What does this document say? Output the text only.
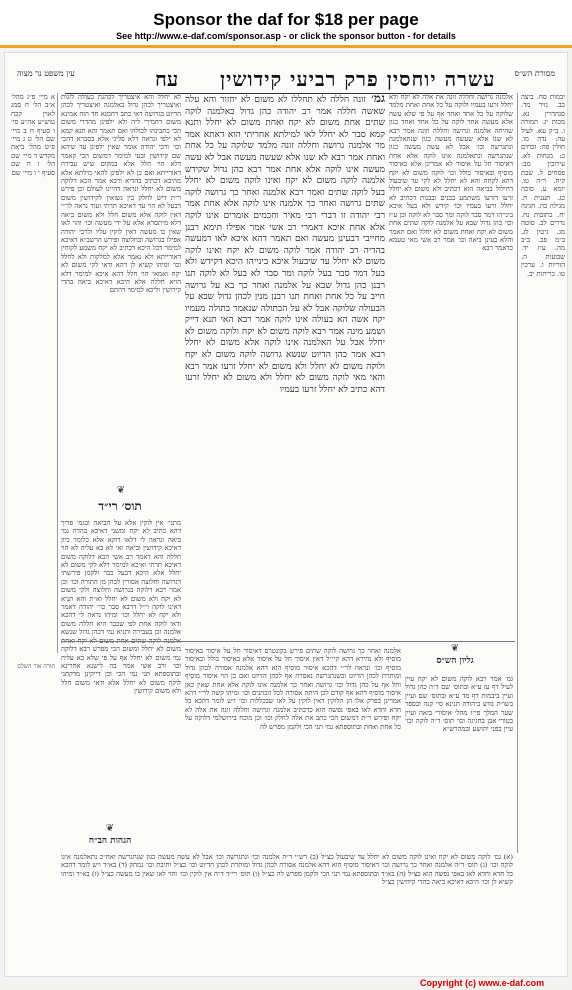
Sponsor the daf for $18 per page
See http://www.e-daf.com/sponsor.asp - or click the sponsor button - for details
עין משפט נר מצוה	עח עשרה יוחסין פרק רביעי קידושין מסורת הש״ס
א מיי׳ פ״ג מהל׳ א״ב הל׳ ח סמג לאוין קכח טוש״ע אה״ע סי׳ ו סעיף ח ב מיי׳ שם הל׳ ט ג מיי׳ פ״ט מהל׳ ביאת מקדש ד מיי׳ שם הל׳ ו ה שם סעיף י ו מיי׳ שם
לא יחלל והא איצטריך לכהנת בעולה לזנות ואיצטריך לכהן גדול באלמנה ואיצטריך לכהן הדיוט בגרושה דאי כתב רחמנא חד הוה אמינא משום דחמירי ליה ולא ילפינן מהדדי משום הכי כתבינהו לכולהו ואם תאמר והא תנא קמא לא ילפי ונראה דלא פליגי אלא בסברא דהכי וכו׳ ורבי יהודה אומר שאין ילפינן עד שיהא שם קידושין ובעי למימר דמשום הכי קאמר דלא הוי חלל אלא במקום שיש עבירה דאורייתא ואם כן לא ילפינן להאי מילתא אלא מהיכא דכתיב בהדיא ורבא אמר הכא דלוקה משום לא יחלל ונראה דהיינו לעולם וכן פירש ר״ת דיש לחלק בין נשואין לקידושין משום דבעל לא הוי עד דאיכא תרתי ועוד נראה לר״י דאין לוקה אלא משום חלל ולא משום ביאה דלא מיתסרא אלא על ידי מעשה וכו׳ והוי לאו שאין בו מעשה דאין לוקין עליו ולרבי יהודה אפילו בגרושה ובחלוצה ופירש הרשב״א דאיכא למימר דכל היכא דכתיב לא יקח משמע לקוחין דאורייתא ולא נאמר אלא למלקות ולא לחלל וכו׳ ומיהו קשיא לן דהא ודאי לקי משום לא יקח ואמאי הוי חלל דהא איכא למימר דלא הויא חללה אלא היכא דאיכא ביאה בהדי קידושין וליכא למימר דהתם
❦
תוס׳ רי״ד
מתני׳ אין לוקין אלא על הביאה ובגמ׳ פריך דהא כתיב לא יקח ומשני דאיכא בהדה נמי ביאה ונראה לי דלאו דוקא אלא כלומר כיון דאיכא קידושין וביאה ואי לא בא עליה לא הוי חללה והא דאמר רב אשי הכא דלוקה משום דאיכא תרתי ואיכא למימר דלא לקי משום לא יחלל אלא היכא דבעל כבר ולקמן פירשתי דגרושה וחלוצה אסורין לכהן מן התורה וכו׳ וכן אמר רבא דלוקה בגרושה וחלוצה ולקי משום לא יקח ולא משום לא יחלל וא״ת והא תניא דאינו לוקה וי״ל דרבא סבר כר׳ יהודה דאמר ולא יקח לא יחלל וכו׳ ומיהו נראה לי דהכא ודאי לוקה אחת לפי שכבר היא חללה משום אלמנה וכן בעבירה ותניא נמי דכהן גדול שנשא משום לא יחלל ומשום הכי מפרש רבא דלוקה נמי משום לא יחלל אף על פי שלא בא עליה וכו׳ ורב אשי אמר בה לישנא אחרינא ובתוספתא תני נמי הכי וכן דייקינן מדקתני לוקה משום לא יחלל אלא ודאי משום חלל ולא משום קידושין
גמ׳ זונה חללה לא תחללו לא משום לא יחזור והא עלה שאשה חללה אמר רב יהודה כהן גדול באלמנה לוקה שתים אחת משום לא יקח ואחת משום לא יחלל ותנא קמא סבר לא יחלל לאו למילתא אחריתי הוא דאתא אמר מר אלמנה גרושה וחללה זונה מלמד שלוקה על כל אחת ואחת אמר רבא לא שנו אלא שעשה מעשה אבל לא עשה מעשה אינו לוקה אלא אחת אמר רבא כהן גדול שקידש אלמנה לוקה משום לא יקח ואינו לוקה משום לא יחלל בעל לוקה שתים ואמר רבא אלמנה ואחר כך גרושה לוקה שתים גרושה ואחר כך אלמנה אינו לוקה אלא אחת אמר רבי יהודה זו דברי רבי מאיר וחכמים אומרים אינו לוקה אלא אחת איכא דאמרי רב אשי אמר אפילו תימא רבנן מחייבי דבעינן מעשה ואם תאמר דהא איכא לאו דמעשה בהדיה רב יהודה אמר לוקה משום לא יקח ואינו לוקה משום לא יחלל עד שיבעול איכא בינייהו היכא דקידש ולא בעל דמר סבר בעל לוקה ומר סבר לא בעל לא לוקה תנו רבנן כהן גדול שבא על אלמנה ואחר כך בא על גרושה חייב על כל אחת ואחת תנו רבנן מנין לכהן גדול שבא על הבעולה שלוקה אבל לא על הבתולה שנאמר בתולה מעמיו יקח אשה הא בעולה אינו לוקה אמר רבא האי תנא דייק ושמע מינה אמר רבא לוקה משום לא יקח ולוקה משום לא יחלל אבל על האלמנה אינו לוקה אלא משום לא יחלל רבא אמר כהן הדיוט שנשא גרושה לוקה משום לא יקח ולוקה משום לא יחלל ולא משום לא יחלל זרעו אמר רבא והאי מאי לוקה משום לא יחלל ולא משום לא יחלל זרעו דהא כתיב לא יחלל זרעו בעמיו
אלמנה גרושה וחללה זונה את אלה לא יקח ולא יחלל זרעו בעמיו ולוקה על כל אחת ואחת מלמד שלוקה על כל אחד ואחד אף על פי שלא עשה אלא מעשה אחד לוקה על כל אחד ואחד כגון שהיתה אלמנה וגרושה וחללה וזונה אמר רבא לא שנו אלא שעשה מעשה כגון שנתאלמנה ונתגרשה וכו׳ אבל לא עשה מעשה כגון שנתגרשה ונתאלמנה אינו לוקה אלא אחת דאיסור חל על איסור לא אמרינן אלא באיסור מוסיף ובאיסור כולל וכו׳ לוקה משום לא יקח דהא לקחה והא לא יחלל לא לקי עד שיבעול דחילול בביאה הוא דכתיב ולא משום לא יחלל זרעו דזרעו משתמע בבנים ובבנות דכתיב לא יחלל זרעו בעמיו וכו׳ קידש ולא בעל איכא בינייהו דמר סבר לוקה ומר סבר לא לוקה וכן ע״ז וכו׳ כהן גדול שבא על אלמנה לוקה שתים אחת משום לא יקח ואחת משום לא יחלל ואם תאמר והלא בעינן ביאה וכו׳ אמר רב אשי מאי טעמא כדאמר רבא
יבמות סח. ביצה כב. נזיר מד. סנהדרין נא. מכות יג. תמורה ו. ב״ק עא. לעיל עה: נדה מו. חולין פח: זבחים כ: מנחות לא. עירובין מב: פסחים ל. שבת קיח. ר״ה טו. יומא ע. סוכה כג. תענית ח. מגילה כה. חגיגה יח. כתובות נח. נדרים לב. סוטה מג. גיטין לג. ב״מ פב. ב״ב מה. ע״ז יד. שבועות ה. הוריות ו. ערכין טו. כריתות יב.
❦
גליון הש״ס
❦
הגהות הב״ח
אלמנה ואחר כך גרושה לוקה שתים פירש בקונטרס דאיסור חל על איסור באיסור מוסיף ולא נהירא דהא קיי״ל דאין איסור חל על איסור אלא באיסור כולל ובאיסור מוסיף וכו׳ ונראה לר״י דהכא איסור מוסיף הוא דהא אלמנה אסורה לכהן גדול ומותרת לכהן הדיוט וכשנתגרשה נאסרה אף לכהן הדיוט ואם כן הוי איסור מוסיף וחל אף על כהן גדול וכו׳ גרושה ואחר כך אלמנה אינו לוקה אלא אחת שאין כאן איסור מוסיף דהא אף קודם לכן היתה אסורה לכל הכהנים וכו׳ ומיהו קשה לר״י דהא אמרינן בפרק אלו הן הלוקין דאין לוקין על לאו שבכללות וכו׳ ויש לומר דהכא כל חדא וחדא לאו באפי נפשה הוא כדכתיב אלמנה וגרושה וחללה זונה את אלה לא יקח ופירש ר״ת דמשום הכי כתב את אלה לחלק וכו׳ וכן מוכח בירושלמי דלוקה על כל אחת ואחת ובתוספתא נמי תני הכי ולקמן מפרש לה
גמ׳ אמר רבא לוקה משום לא יקח עיין לעיל דף עז ע״א ובתוס׳ שם ד״ה כהן גדול ועיין ביבמות דף מד ע״א ובתוס׳ שם ועיין בשו״ת נודע ביהודה תנינא סי׳ קנה ובספר שער המלך פי״ז מהל׳ איסורי ביאה ועיין בטורי אבן בחגיגה וכו׳ תוס׳ ד״ה לוקה וכו׳ עיין בפני יהושע ובמהרש״א
(א) גמ׳ לוקה משום לא יקח ואינו לוקה משום לא יחלל עד שיבעול כצ״ל (ב) רש״י ד״ה אלמנה וכו׳ ונתגרשה וכו׳ אבל לא עשה מעשה כגון שנתגרשה ואח״כ נתאלמנה אינו לוקה וכו׳ (ג) תוס׳ ד״ה אלמנה ואחר כך גרושה וכו׳ דאיסור מוסיף הוא דהא אלמנה אסורה לכהן גדול ומותרת לכהן הדיוט וכו׳ כצ״ל ותיבת וכו׳ נמחק (ד) בא״ד ויש לומר דהכא כל חדא וחדא לאו באפי נפשה הוא כצ״ל (ה) בא״ד ובתוספתא נמי תני הכי ולקמן מפרש לה כצ״ל (ו) תוס׳ רי״ד ד״ה אין לוקין וכו׳ והוי לאו שאין בו מעשה כצ״ל (ז) בא״ד ומיהו קשיא לן וכו׳ היכא דאיכא ביאה בהדי קידושין כצ״ל
תורה אור השלם
Copyright (c) www.e-daf.com
